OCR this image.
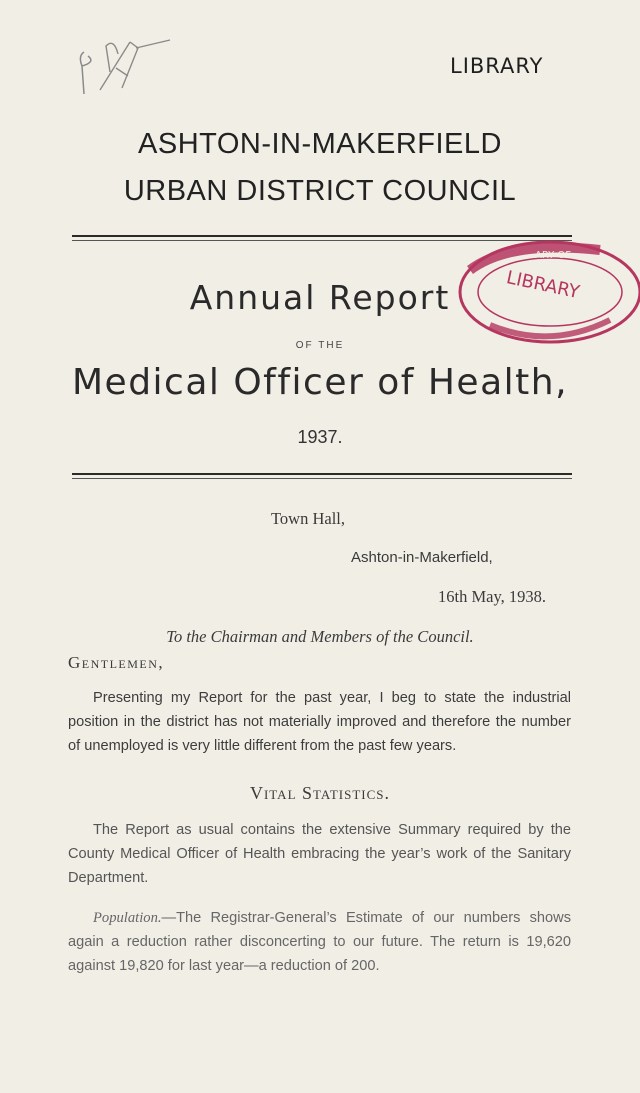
LIBRARY
ASHTON-IN-MAKERFIELD
URBAN DISTRICT COUNCIL
Annual Report
OF THE
Medical Officer of Health,
1937.
LIBRARY
ARY OF
Town Hall,
Ashton-in-Makerfield,
16th May, 1938.
To the Chairman and Members of the Council.
Gentlemen,
Presenting my Report for the past year, I beg to state the industrial position in the district has not materially improved and therefore the number of unemployed is very little different from the past few years.
Vital Statistics.
The Report as usual contains the extensive Summary required by the County Medical Officer of Health embracing the year’s work of the Sanitary Department.
Population.—The Registrar-General’s Estimate of our numbers shows again a reduction rather disconcerting to our future. The return is 19,620 against 19,820 for last year—a reduction of 200.
